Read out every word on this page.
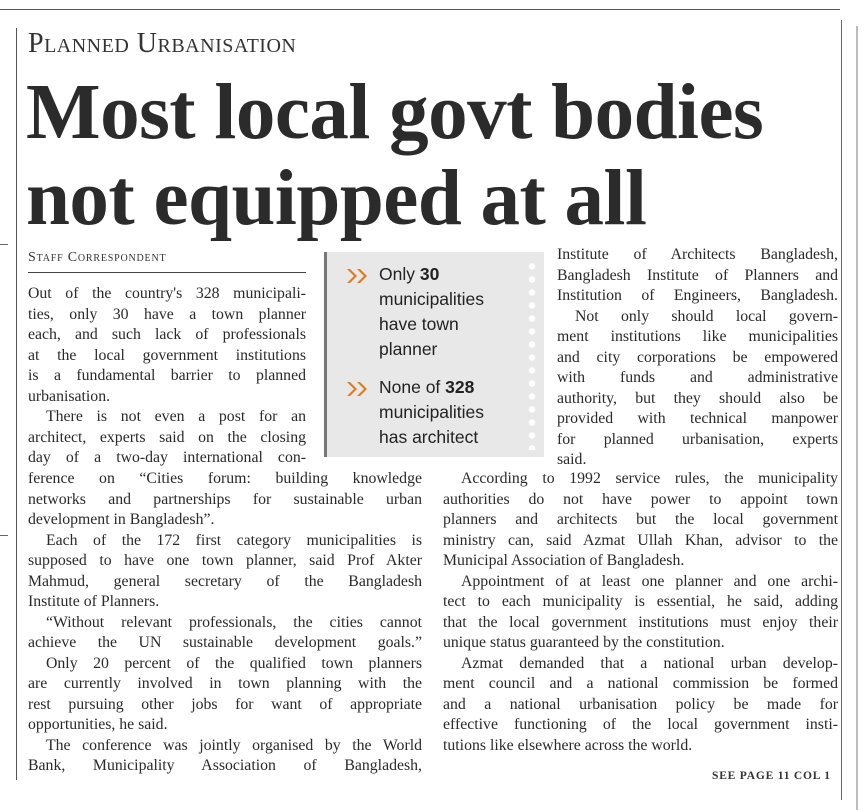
Planned Urbanisation
Most local govt bodies
not equipped at all
Staff Correspondent
Only 30
municipalities
have town
planner
None of 328
municipalities
has architect
Out of the country's 328 municipali-
ties, only 30 have a town planner
each, and such lack of professionals
at the local government institutions
is a fundamental barrier to planned
urbanisation.
There is not even a post for an
architect, experts said on the closing
day of a two-day international con-
ference on “Cities forum: building knowledge
networks and partnerships for sustainable urban
development in Bangladesh”.
Each of the 172 first category municipalities is
supposed to have one town planner, said Prof Akter
Mahmud, general secretary of the Bangladesh
Institute of Planners.
“Without relevant professionals, the cities cannot
achieve the UN sustainable development goals.”
Only 20 percent of the qualified town planners
are currently involved in town planning with the
rest pursuing other jobs for want of appropriate
opportunities, he said.
The conference was jointly organised by the World
Bank, Municipality Association of Bangladesh,
Institute of Architects Bangladesh,
Bangladesh Institute of Planners and
Institution of Engineers, Bangladesh.
Not only should local govern-
ment institutions like municipalities
and city corporations be empowered
with funds and administrative
authority, but they should also be
provided with technical manpower
for planned urbanisation, experts
said.
According to 1992 service rules, the municipality
authorities do not have power to appoint town
planners and architects but the local government
ministry can, said Azmat Ullah Khan, advisor to the
Municipal Association of Bangladesh.
Appointment of at least one planner and one archi-
tect to each municipality is essential, he said, adding
that the local government institutions must enjoy their
unique status guaranteed by the constitution.
Azmat demanded that a national urban develop-
ment council and a national commission be formed
and a national urbanisation policy be made for
effective functioning of the local government insti-
tutions like elsewhere across the world.
SEE PAGE 11 COL 1
